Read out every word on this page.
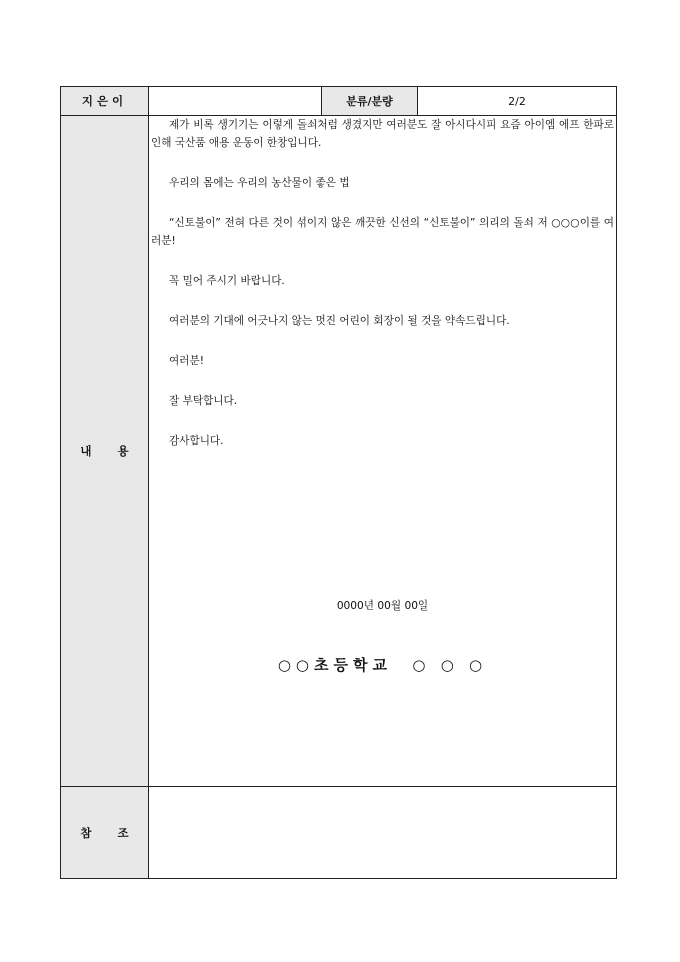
지은이	분류/분량	2/2
내 용

제가 비록 생기기는 이렇게 돌쇠처럼 생겼지만 여러분도 잘 아시다시피 요즘 아이엠 에프 한파로 인해 국산품 애용 운동이 한창입니다.

우리의 몸에는 우리의 농산물이 좋은 법

“신토불이” 전혀 다른 것이 섞이지 않은 깨끗한 신선의 “신토불이” 의리의 돌쇠 저 ○○○이를 여러분!

꼭 밀어 주시기 바랍니다.

여러분의 기대에 어긋나지 않는 멋진 어린이 회장이 될 것을 약속드립니다.

여러분!

잘 부탁합니다.

감사합니다.

0000년 00월 00일
○○초등학교  ○ ○ ○
참 조
